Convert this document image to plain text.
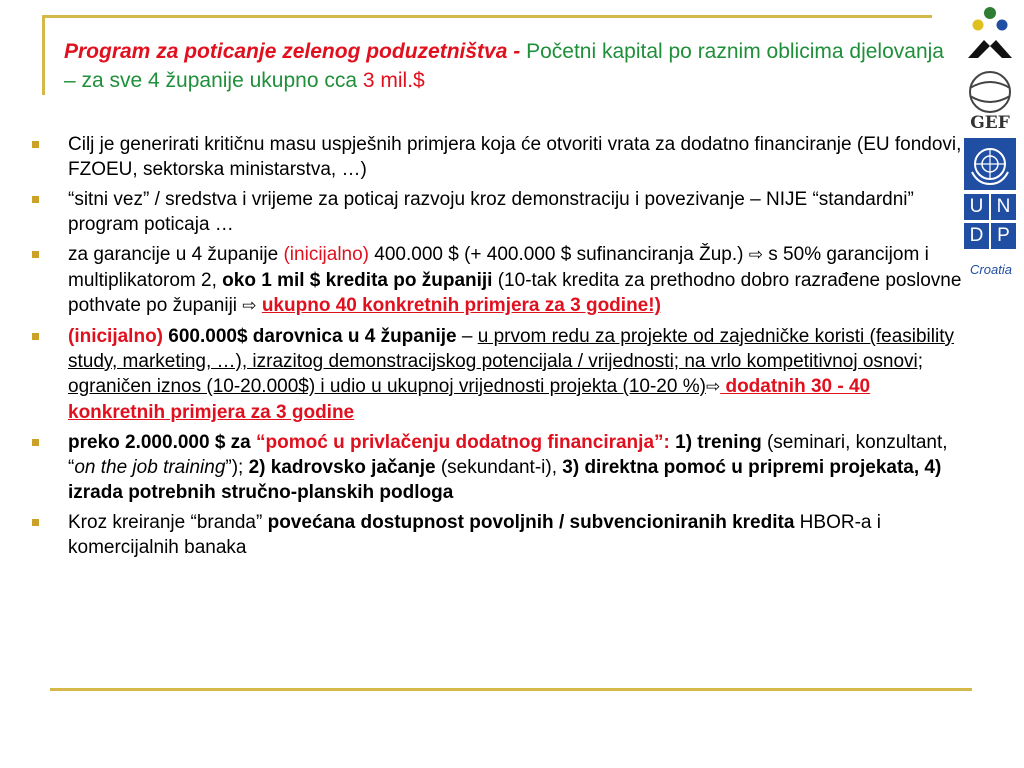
Program za poticanje zelenog poduzetništva - Početni kapital po raznim oblicima djelovanja – za sve 4 županije ukupno cca 3 mil.$
GEF
U N
D P
Croatia
Cilj je generirati kritičnu masu uspješnih primjera koja će otvoriti vrata za dodatno financiranje (EU fondovi, FZOEU, sektorska ministarstva, …)
“sitni vez” / sredstva i vrijeme za poticaj razvoju kroz demonstraciju i povezivanje – NIJE “standardni” program poticaja …
za garancije u 4 županije (inicijalno) 400.000 $ (+ 400.000 $ sufinanciranja Žup.) ⇨ s 50% garancijom i multiplikatorom 2, oko 1 mil $ kredita po županiji (10-tak kredita za prethodno dobro razrađene poslovne pothvate po županiji ⇨ ukupno 40 konkretnih primjera za 3 godine!)
(inicijalno) 600.000$ darovnica u 4 županije – u prvom redu za projekte od zajedničke koristi (feasibility study, marketing, …), izrazitog demonstracijskog potencijala / vrijednosti; na vrlo kompetitivnoj osnovi; ograničen iznos (10-20.000$) i udio u ukupnoj vrijednosti projekta (10-20 %)⇨ dodatnih 30 - 40 konkretnih primjera za 3 godine
preko 2.000.000 $ za “pomoć u privlačenju dodatnog financiranja”: 1) trening (seminari, konzultant, “on the job training”); 2) kadrovsko jačanje (sekundant-i), 3) direktna pomoć u pripremi projekata, 4) izrada potrebnih stručno-planskih podloga
Kroz kreiranje “branda” povećana dostupnost povoljnih / subvencioniranih kredita HBOR-a i komercijalnih banaka
